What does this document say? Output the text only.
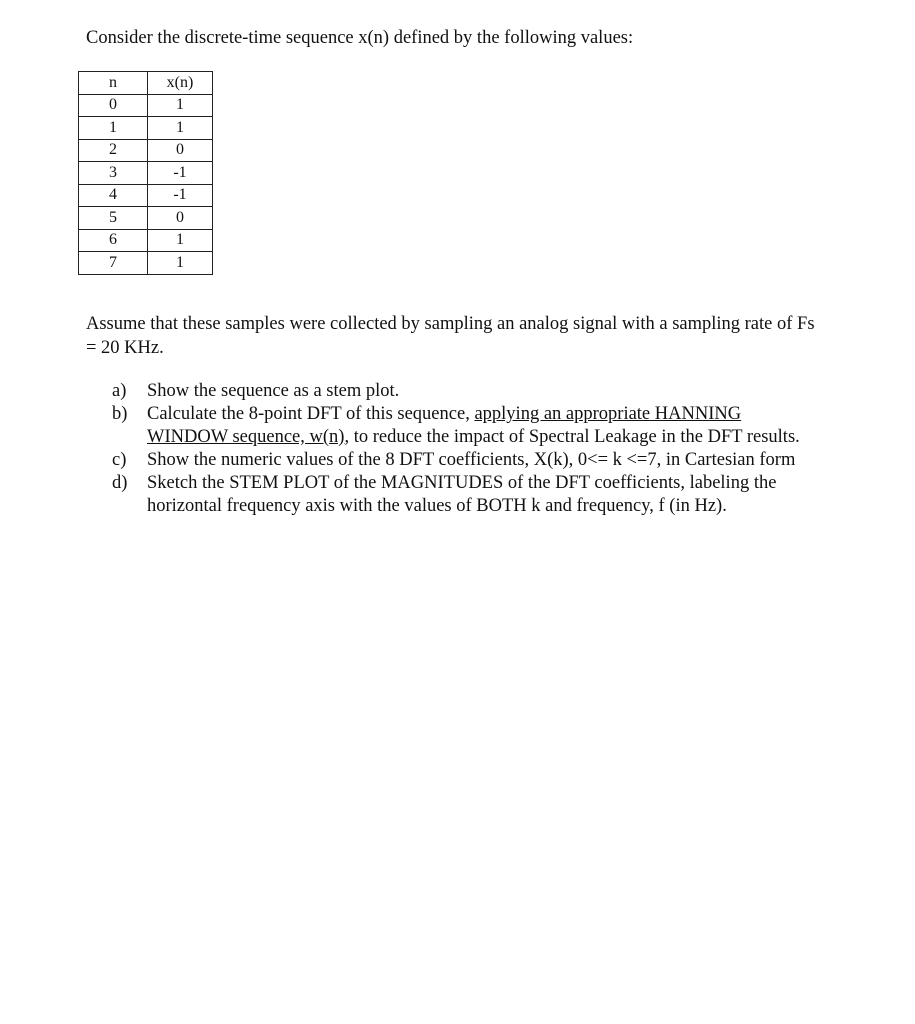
Consider the discrete-time sequence x(n) defined by the following values:

n	x(n)
0	1
1	1
2	0
3	-1
4	-1
5	0
6	1
7	1

Assume that these samples were collected by sampling an analog signal with a sampling rate of Fs = 20 KHz.

a) Show the sequence as a stem plot.
b) Calculate the 8-point DFT of this sequence, applying an appropriate HANNING WINDOW sequence, w(n), to reduce the impact of Spectral Leakage in the DFT results.
c) Show the numeric values of the 8 DFT coefficients, X(k), 0<= k <=7, in Cartesian form
d) Sketch the STEM PLOT of the MAGNITUDES of the DFT coefficients, labeling the horizontal frequency axis with the values of BOTH k and frequency, f (in Hz).
